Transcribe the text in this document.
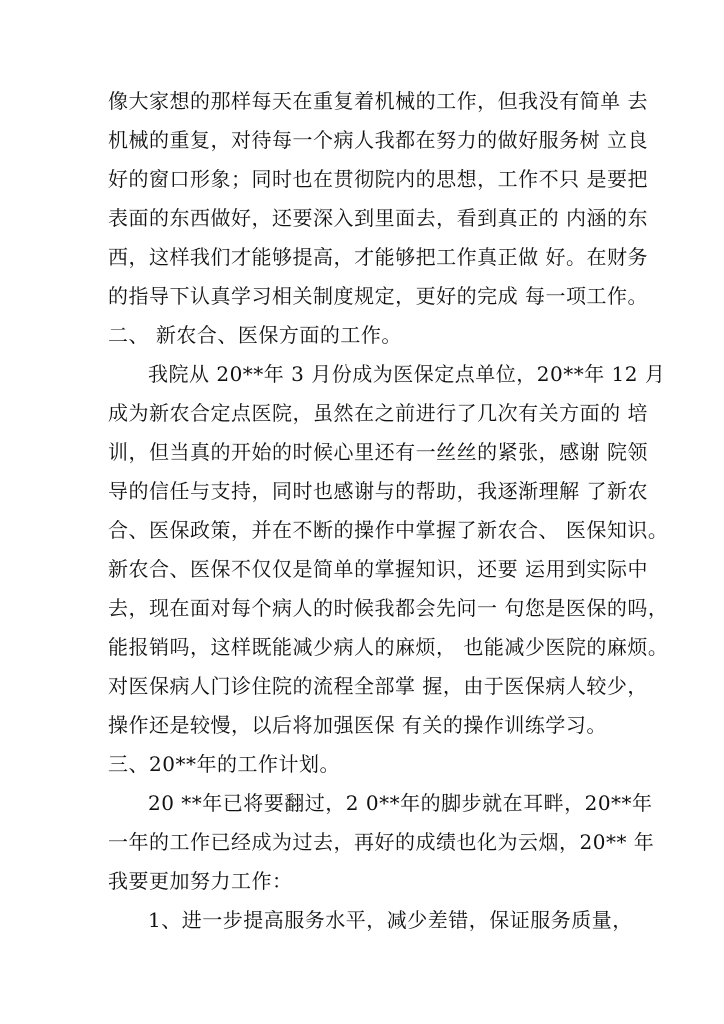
像大家想的那样每天在重复着机械的工作，但我没有简单 去
机械的重复，对待每一个病人我都在努力的做好服务树 立良
好的窗口形象；同时也在贯彻院内的思想，工作不只 是要把
表面的东西做好，还要深入到里面去，看到真正的 内涵的东
西，这样我们才能够提高，才能够把工作真正做 好。在财务
的指导下认真学习相关制度规定，更好的完成 每一项工作。
二、 新农合、医保方面的工作。
我院从 20**年 3 月份成为医保定点单位，20**年 12 月
成为新农合定点医院，虽然在之前进行了几次有关方面的 培
训，但当真的开始的时候心里还有一丝丝的紧张，感谢 院领
导的信任与支持，同时也感谢与的帮助，我逐渐理解 了新农
合、医保政策，并在不断的操作中掌握了新农合、 医保知识。
新农合、医保不仅仅是简单的掌握知识，还要 运用到实际中
去，现在面对每个病人的时候我都会先问一 句您是医保的吗，
能报销吗，这样既能减少病人的麻烦， 也能减少医院的麻烦。
对医保病人门诊住院的流程全部掌 握，由于医保病人较少，
操作还是较慢，以后将加强医保 有关的操作训练学习。
三、20**年的工作计划。
20 **年已将要翻过，2 0**年的脚步就在耳畔，20**年
一年的工作已经成为过去，再好的成绩也化为云烟，20** 年
我要更加努力工作：
1、进一步提高服务水平，减少差错，保证服务质量，
